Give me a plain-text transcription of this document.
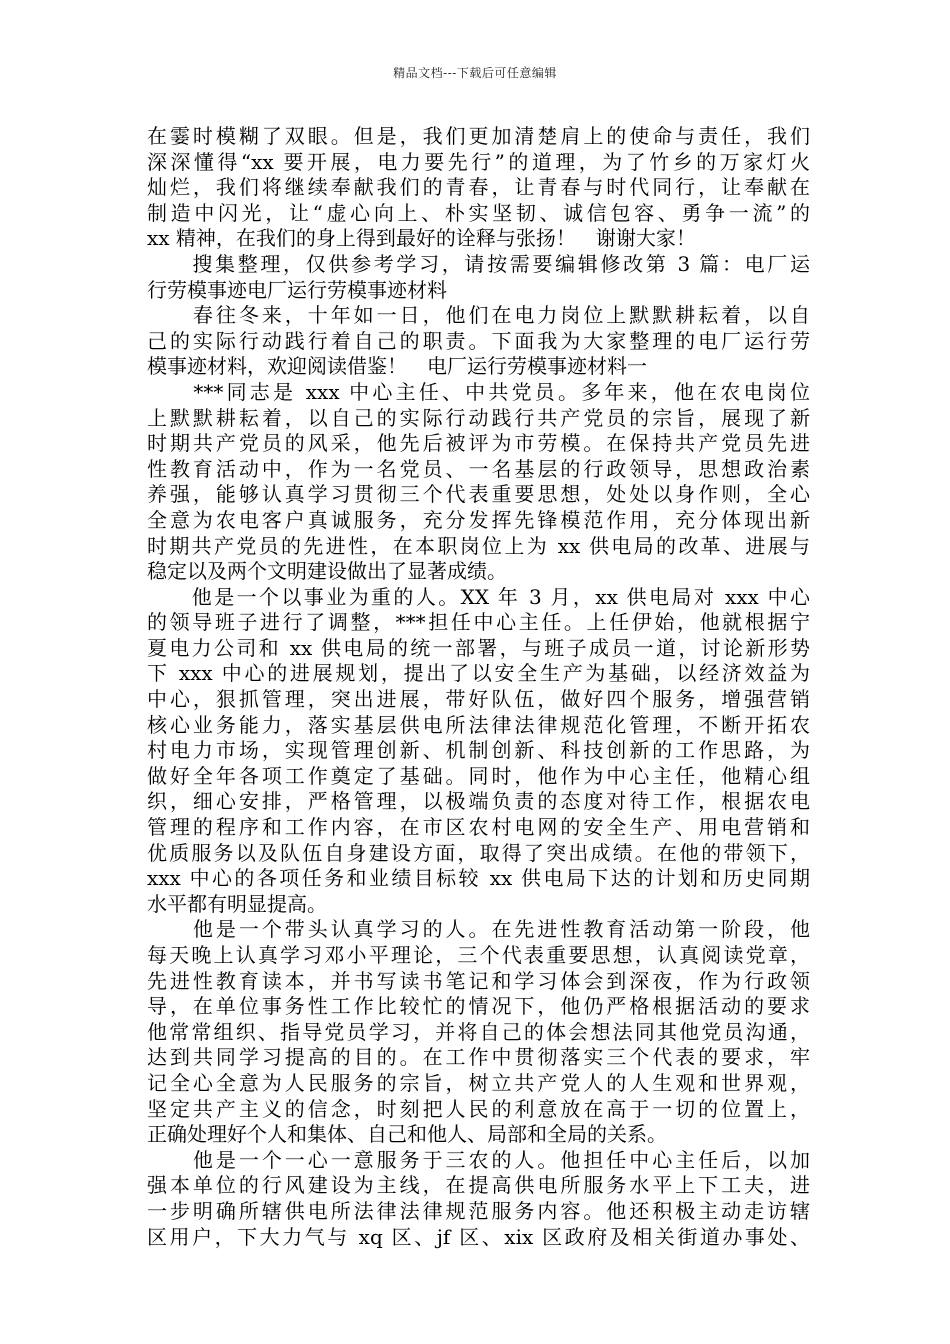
精品文档---下载后可任意编辑
在霎时模糊了双眼。但是，我们更加清楚肩上的使命与责任，我们
深深懂得“xx 要开展，电力要先行”的道理，为了竹乡的万家灯火
灿烂，我们将继续奉献我们的青春，让青春与时代同行，让奉献在
制造中闪光，让“虚心向上、朴实坚韧、诚信包容、勇争一流”的
xx 精神，在我们的身上得到最好的诠释与张扬！　谢谢大家！
　　搜集整理，仅供参考学习，请按需要编辑修改第 3 篇：电厂运
行劳模事迹电厂运行劳模事迹材料
　　春往冬来，十年如一日，他们在电力岗位上默默耕耘着，以自
己的实际行动践行着自己的职责。下面我为大家整理的电厂运行劳
模事迹材料，欢迎阅读借鉴！　电厂运行劳模事迹材料一
　　***同志是 xxx 中心主任、中共党员。多年来，他在农电岗位
上默默耕耘着，以自己的实际行动践行共产党员的宗旨，展现了新
时期共产党员的风采，他先后被评为市劳模。在保持共产党员先进
性教育活动中，作为一名党员、一名基层的行政领导，思想政治素
养强，能够认真学习贯彻三个代表重要思想，处处以身作则，全心
全意为农电客户真诚服务，充分发挥先锋模范作用，充分体现出新
时期共产党员的先进性，在本职岗位上为 xx 供电局的改革、进展与
稳定以及两个文明建设做出了显著成绩。
　　他是一个以事业为重的人。XX 年 3 月，xx 供电局对 xxx 中心
的领导班子进行了调整，***担任中心主任。上任伊始，他就根据宁
夏电力公司和 xx 供电局的统一部署，与班子成员一道，讨论新形势
下 xxx 中心的进展规划，提出了以安全生产为基础，以经济效益为
中心，狠抓管理，突出进展，带好队伍，做好四个服务，增强营销
核心业务能力，落实基层供电所法律法律规范化管理，不断开拓农
村电力市场，实现管理创新、机制创新、科技创新的工作思路，为
做好全年各项工作奠定了基础。同时，他作为中心主任，他精心组
织，细心安排，严格管理，以极端负责的态度对待工作，根据农电
管理的程序和工作内容，在市区农村电网的安全生产、用电营销和
优质服务以及队伍自身建设方面，取得了突出成绩。在他的带领下，
xxx 中心的各项任务和业绩目标较 xx 供电局下达的计划和历史同期
水平都有明显提高。
　　他是一个带头认真学习的人。在先进性教育活动第一阶段，他
每天晚上认真学习邓小平理论，三个代表重要思想，认真阅读党章，
先进性教育读本，并书写读书笔记和学习体会到深夜，作为行政领
导，在单位事务性工作比较忙的情况下，他仍严格根据活动的要求
他常常组织、指导党员学习，并将自己的体会想法同其他党员沟通，
达到共同学习提高的目的。在工作中贯彻落实三个代表的要求，牢
记全心全意为人民服务的宗旨，树立共产党人的人生观和世界观，
坚定共产主义的信念，时刻把人民的利意放在高于一切的位置上，
正确处理好个人和集体、自己和他人、局部和全局的关系。
　　他是一个一心一意服务于三农的人。他担任中心主任后，以加
强本单位的行风建设为主线，在提高供电所服务水平上下工夫，进
一步明确所辖供电所法律法律规范服务内容。他还积极主动走访辖
区用户，下大力气与 xq 区、jf 区、xix 区政府及相关街道办事处、
